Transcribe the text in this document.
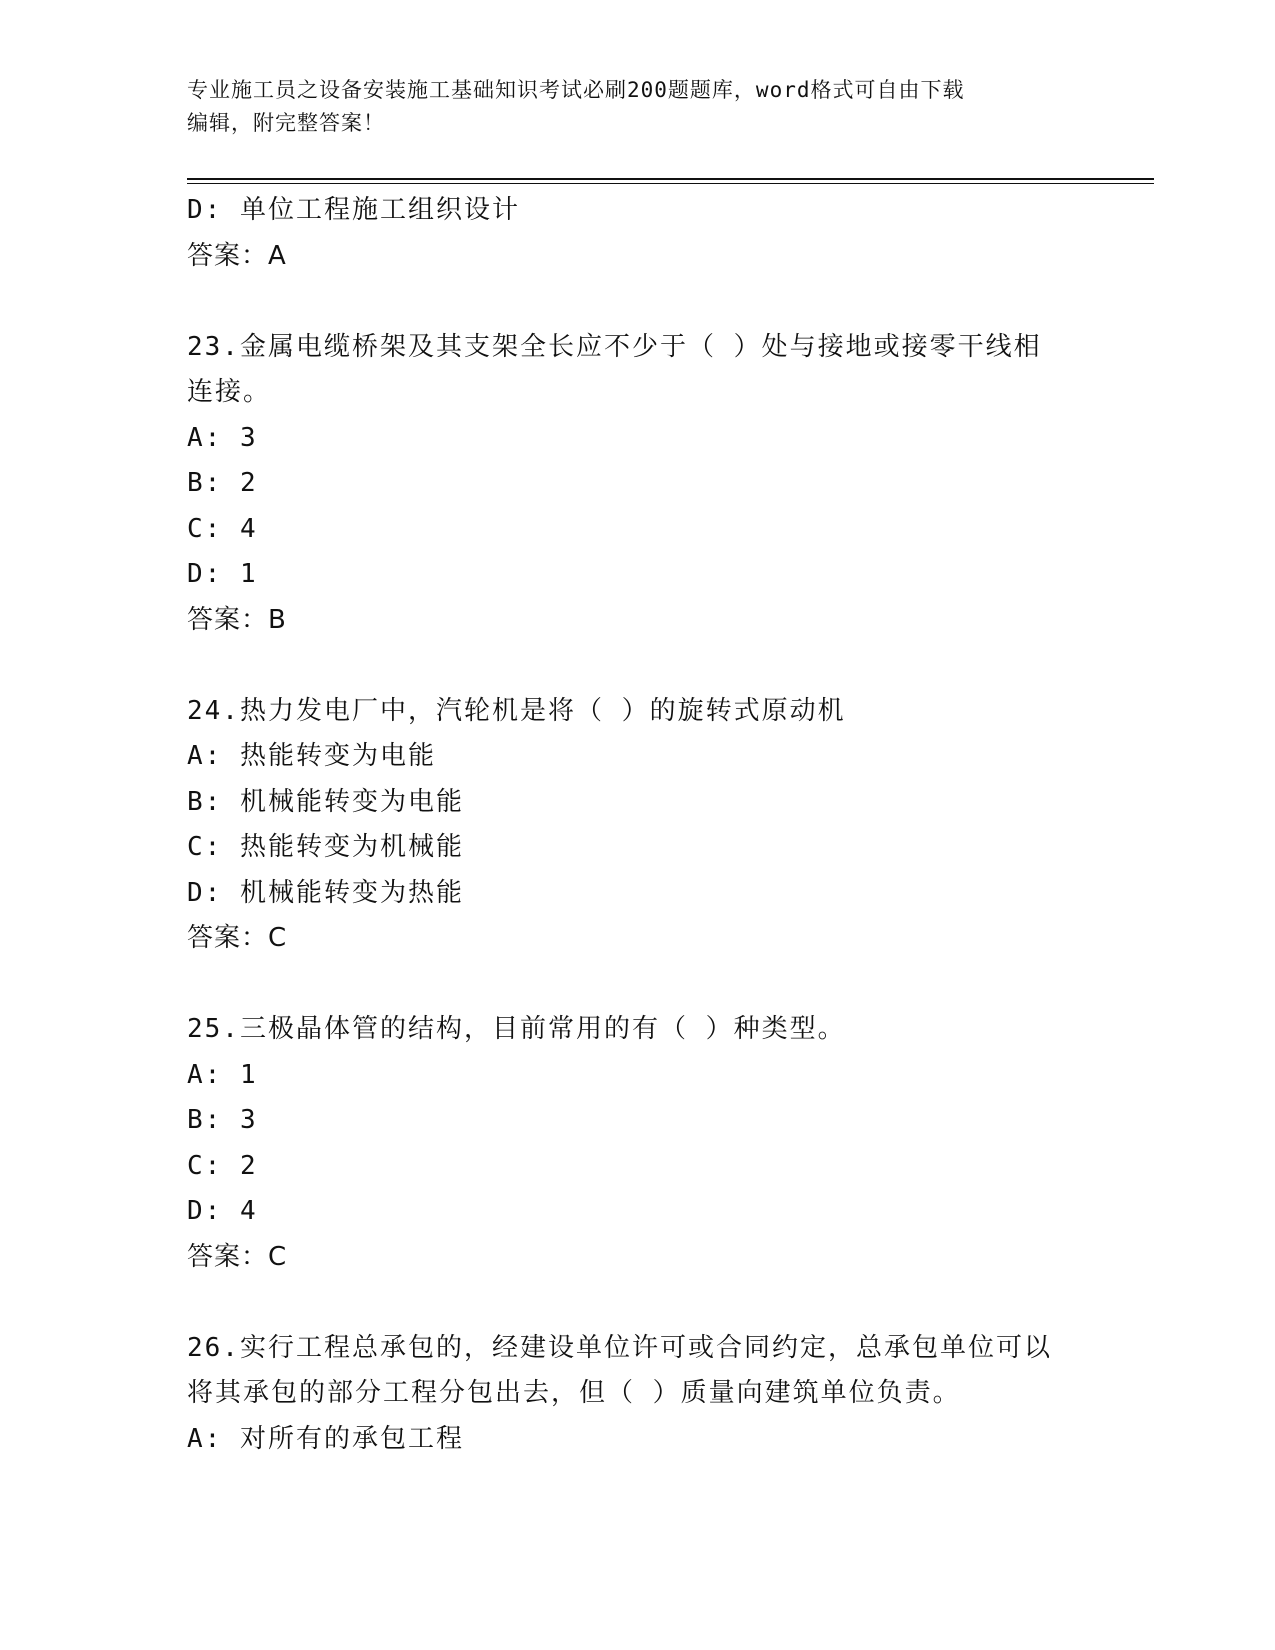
专业施工员之设备安装施工基础知识考试必刷200题题库，word格式可自由下载
编辑，附完整答案！
D: 单位工程施工组织设计
答案：A
23.金属电缆桥架及其支架全长应不少于（ ）处与接地或接零干线相
连接。
A: 3
B: 2
C: 4
D: 1
答案：B
24.热力发电厂中，汽轮机是将（ ）的旋转式原动机
A: 热能转变为电能
B: 机械能转变为电能
C: 热能转变为机械能
D: 机械能转变为热能
答案：C
25.三极晶体管的结构，目前常用的有（ ）种类型。
A: 1
B: 3
C: 2
D: 4
答案：C
26.实行工程总承包的，经建设单位许可或合同约定，总承包单位可以
将其承包的部分工程分包出去，但（ ）质量向建筑单位负责。
A: 对所有的承包工程
